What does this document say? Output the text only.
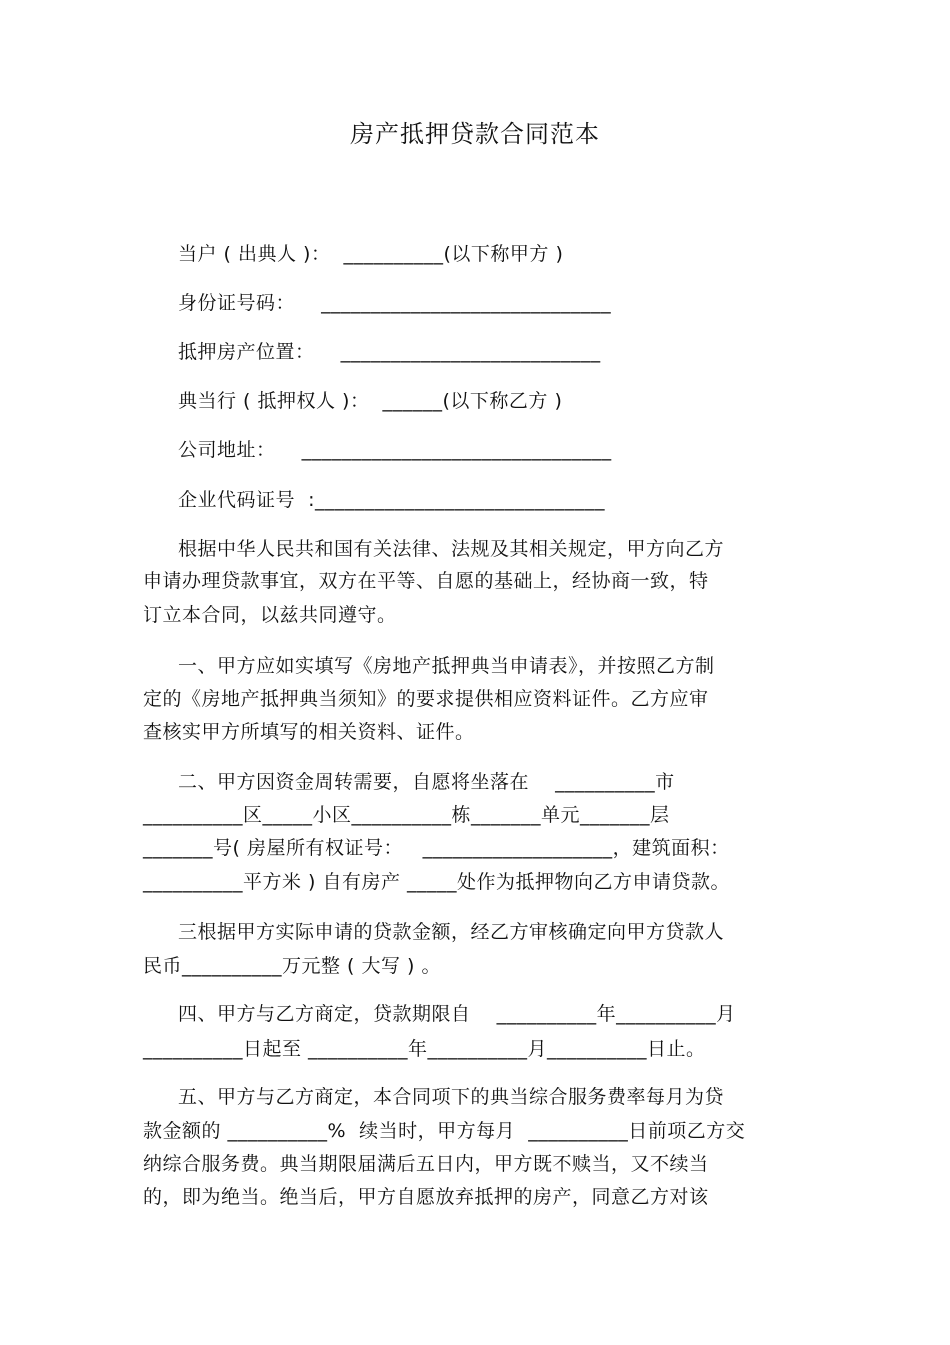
房产抵押贷款合同范本
当户 ( 出典人 )：  __________(以下称甲方 )
身份证号码：    _____________________________
抵押房产位置：    __________________________
典当行 ( 抵押权人 )：  ______(以下称乙方 )
公司地址：    _______________________________
企业代码证号  :_____________________________
根据中华人民共和国有关法律、法规及其相关规定，甲方向乙方
申请办理贷款事宜，双方在平等、自愿的基础上，经协商一致，特
订立本合同，以兹共同遵守。
一、甲方应如实填写《房地产抵押典当申请表》，并按照乙方制
定的《房地产抵押典当须知》的要求提供相应资料证件。乙方应审
查核实甲方所填写的相关资料、证件。
二、甲方因资金周转需要，自愿将坐落在    __________市
__________区_____小区__________栋_______单元_______层
_______号( 房屋所有权证号：   ___________________，建筑面积：
__________平方米 ) 自有房产 _____处作为抵押物向乙方申请贷款。
三根据甲方实际申请的贷款金额，经乙方审核确定向甲方贷款人
民币__________万元整 ( 大写 ) 。
四、甲方与乙方商定，贷款期限自    __________年__________月
__________日起至 __________年__________月__________日止。
五、甲方与乙方商定，本合同项下的典当综合服务费率每月为贷
款金额的 __________%  续当时，甲方每月  __________日前项乙方交
纳综合服务费。典当期限届满后五日内，甲方既不赎当，又不续当
的，即为绝当。绝当后，甲方自愿放弃抵押的房产，同意乙方对该
